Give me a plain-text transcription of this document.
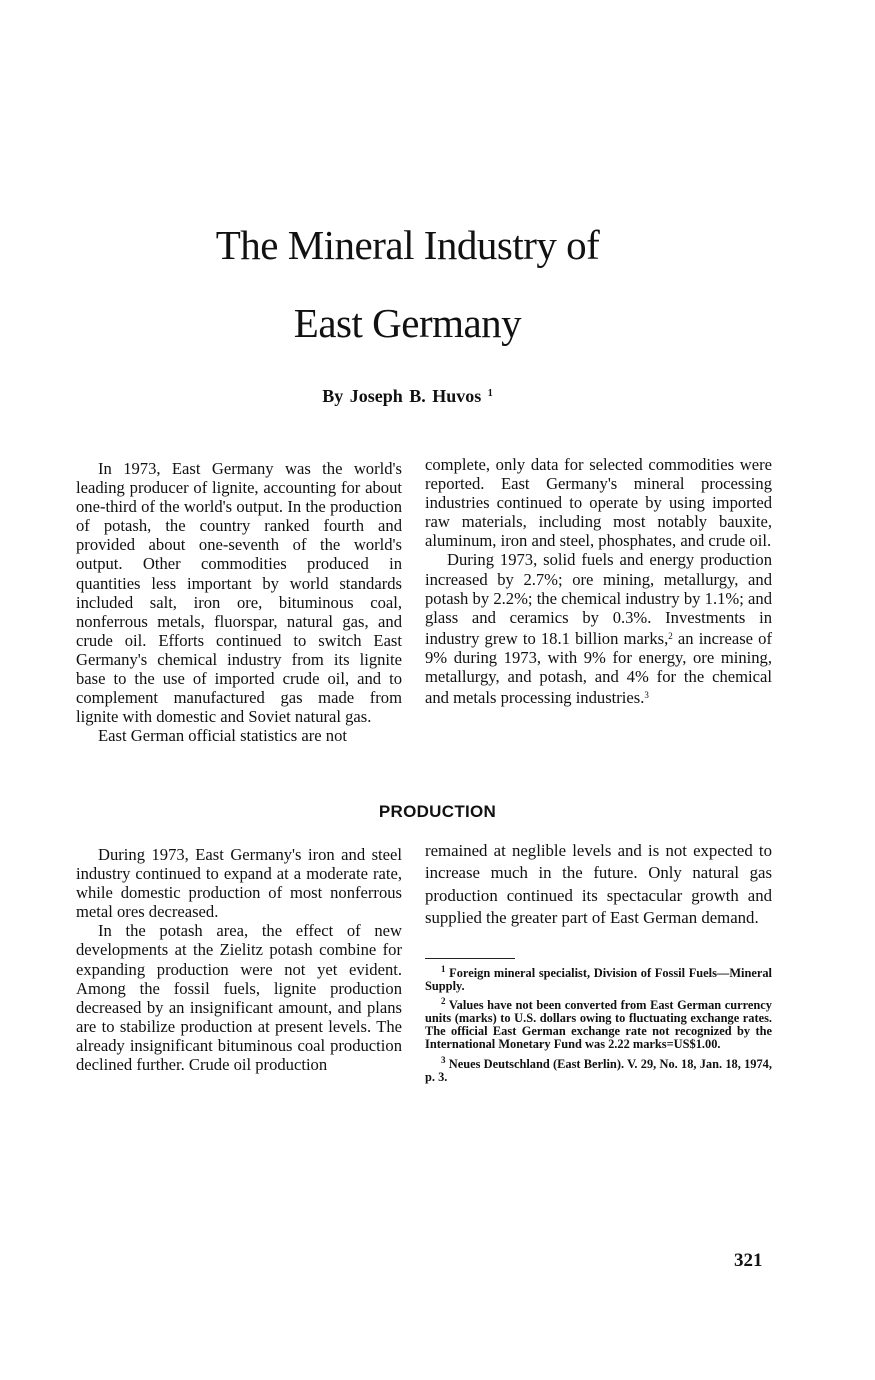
The Mineral Industry of
East Germany
By Joseph B. Huvos $^1$

In 1973, East Germany was the world's leading producer of lignite, accounting for about one-third of the world's output. In the production of potash, the country ranked fourth and provided about one-seventh of the world's output. Other commodities produced in quantities less important by world standards included salt, iron ore, bituminous coal, nonferrous metals, fluorspar, natural gas, and crude oil. Efforts continued to switch East Germany's chemical industry from its lignite base to the use of imported crude oil, and to complement manufactured gas made from lignite with domestic and Soviet natural gas.

East German official statistics are not

complete, only data for selected commodities were reported. East Germany's mineral processing industries continued to operate by using imported raw materials, including most notably bauxite, aluminum, iron and steel, phosphates, and crude oil.

During 1973, solid fuels and energy production increased by 2.7%; ore mining, metallurgy, and potash by 2.2%; the chemical industry by 1.1%; and glass and ceramics by 0.3%. Investments in industry grew to 18.1 billion marks,$^2$ an increase of 9% during 1973, with 9% for energy, ore mining, metallurgy, and potash, and 4% for the chemical and metals processing industries.$^3$

PRODUCTION

During 1973, East Germany's iron and steel industry continued to expand at a moderate rate, while domestic production of most nonferrous metal ores decreased.

In the potash area, the effect of new developments at the Zielitz potash combine for expanding production were not yet evident. Among the fossil fuels, lignite production decreased by an insignificant amount, and plans are to stabilize production at present levels. The already insignificant bituminous coal production declined further. Crude oil production

remained at neglible levels and is not expected to increase much in the future. Only natural gas production continued its spectacular growth and supplied the greater part of East German demand.

$^1$ Foreign mineral specialist, Division of Fossil Fuels—Mineral Supply.

$^2$ Values have not been converted from East German currency units (marks) to U.S. dollars owing to fluctuating exchange rates. The official East German exchange rate not recognized by the International Monetary Fund was 2.22 marks=US$1.00.

$^3$ Neues Deutschland (East Berlin). V. 29, No. 18, Jan. 18, 1974, p. 3.

321
